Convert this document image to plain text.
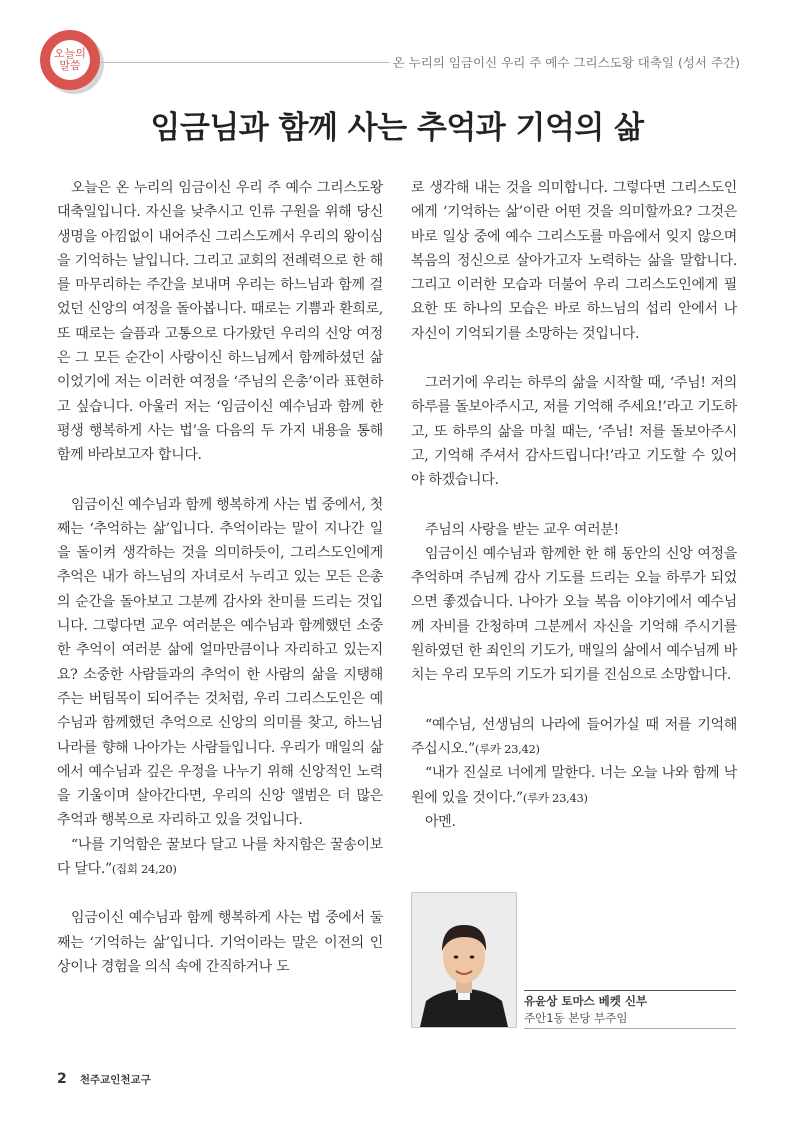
오늘의
말씀	온 누리의 임금이신 우리 주 예수 그리스도왕 대축일 (성서 주간)
임금님과 함께 사는 추억과 기억의 삶

오늘은 온 누리의 임금이신 우리 주 예수 그리스도왕 대축일입니다. 자신을 낮추시고 인류 구원을 위해 당신 생명을 아낌없이 내어주신 그리스도께서 우리의 왕이심을 기억하는 날입니다. 그리고 교회의 전례력으로 한 해를 마무리하는 주간을 보내며 우리는 하느님과 함께 걸었던 신앙의 여정을 돌아봅니다. 때로는 기쁨과 환희로, 또 때로는 슬픔과 고통으로 다가왔던 우리의 신앙 여정은 그 모든 순간이 사랑이신 하느님께서 함께하셨던 삶이었기에 저는 이러한 여정을 ‘주님의 은총’이라 표현하고 싶습니다. 아울러 저는 ‘임금이신 예수님과 함께 한평생 행복하게 사는 법’을 다음의 두 가지 내용을 통해 함께 바라보고자 합니다.

임금이신 예수님과 함께 행복하게 사는 법 중에서, 첫째는 ‘추억하는 삶’입니다. 추억이라는 말이 지나간 일을 돌이켜 생각하는 것을 의미하듯이, 그리스도인에게 추억은 내가 하느님의 자녀로서 누리고 있는 모든 은총의 순간을 돌아보고 그분께 감사와 찬미를 드리는 것입니다. 그렇다면 교우 여러분은 예수님과 함께했던 소중한 추억이 여러분 삶에 얼마만큼이나 자리하고 있는지요? 소중한 사람들과의 추억이 한 사람의 삶을 지탱해주는 버팀목이 되어주는 것처럼, 우리 그리스도인은 예수님과 함께했던 추억으로 신앙의 의미를 찾고, 하느님 나라를 향해 나아가는 사람들입니다. 우리가 매일의 삶에서 예수님과 깊은 우정을 나누기 위해 신앙적인 노력을 기울이며 살아간다면, 우리의 신앙 앨범은 더 많은 추억과 행복으로 자리하고 있을 것입니다.

“나를 기억함은 꿀보다 달고 나를 차지함은 꿀송이보다 달다.”(집회 24,20)

임금이신 예수님과 함께 행복하게 사는 법 중에서 둘째는 ‘기억하는 삶’입니다. 기억이라는 말은 이전의 인상이나 경험을 의식 속에 간직하거나 도

로 생각해 내는 것을 의미합니다. 그렇다면 그리스도인에게 ‘기억하는 삶’이란 어떤 것을 의미할까요? 그것은 바로 일상 중에 예수 그리스도를 마음에서 잊지 않으며 복음의 정신으로 살아가고자 노력하는 삶을 말합니다. 그리고 이러한 모습과 더불어 우리 그리스도인에게 필요한 또 하나의 모습은 바로 하느님의 섭리 안에서 나 자신이 기억되기를 소망하는 것입니다.

그러기에 우리는 하루의 삶을 시작할 때, ‘주님! 저의 하루를 돌보아주시고, 저를 기억해 주세요!’라고 기도하고, 또 하루의 삶을 마칠 때는, ‘주님! 저를 돌보아주시고, 기억해 주셔서 감사드립니다!’라고 기도할 수 있어야 하겠습니다.

주님의 사랑을 받는 교우 여러분!

임금이신 예수님과 함께한 한 해 동안의 신앙 여정을 추억하며 주님께 감사 기도를 드리는 오늘 하루가 되었으면 좋겠습니다. 나아가 오늘 복음 이야기에서 예수님께 자비를 간청하며 그분께서 자신을 기억해 주시기를 원하였던 한 죄인의 기도가, 매일의 삶에서 예수님께 바치는 우리 모두의 기도가 되기를 진심으로 소망합니다.

“예수님, 선생님의 나라에 들어가실 때 저를 기억해 주십시오.”(루카 23,42)

“내가 진실로 너에게 말한다. 너는 오늘 나와 함께 낙원에 있을 것이다.”(루카 23,43)

아멘.

유윤상 토마스 베켓 신부
주안1동 본당 부주임
2 천주교인천교구
